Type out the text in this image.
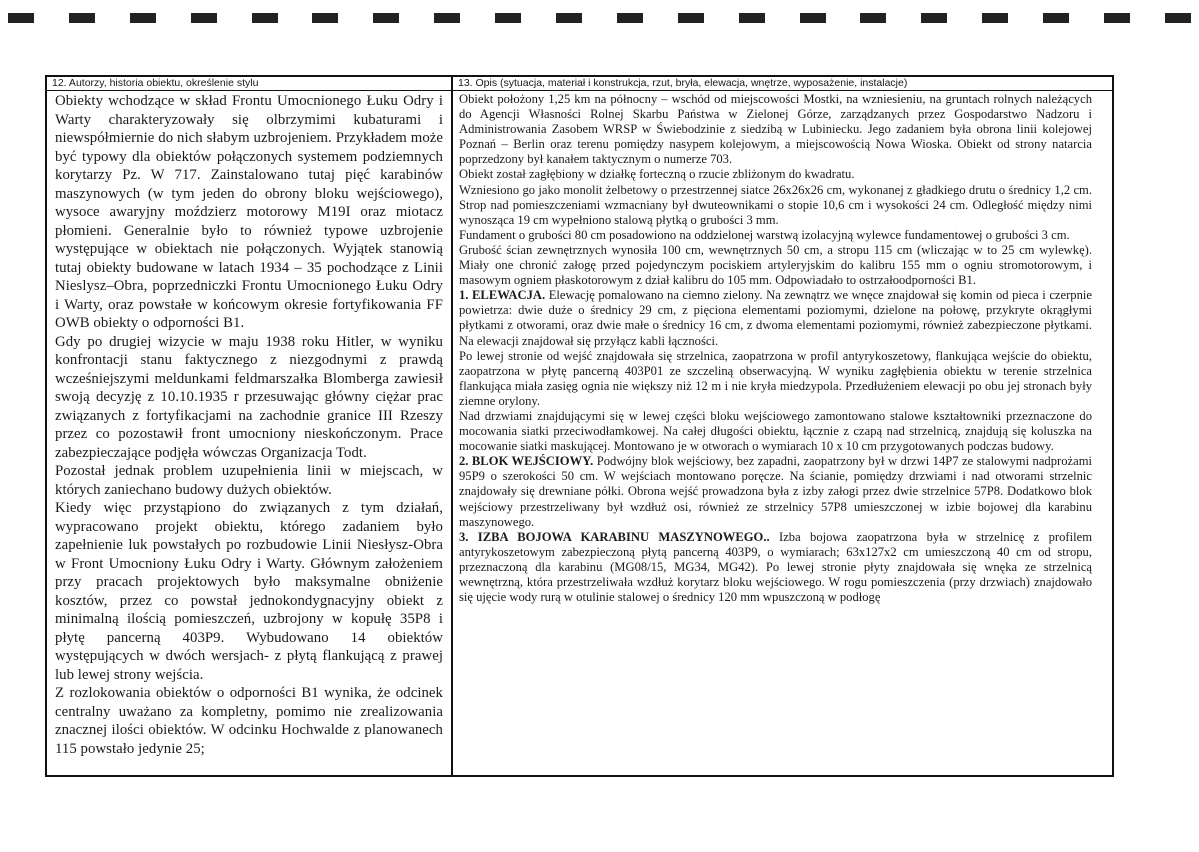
12. Autorzy, historia obiektu, określenie stylu

Obiekty wchodzące w skład Frontu Umocnionego Łuku Odry i Warty charakteryzowały się olbrzymimi kubaturami i niewspółmiernie do nich słabym uzbrojeniem. Przykładem może być typowy dla obiektów połączonych systemem podziemnych korytarzy Pz. W 717. Zainstalowano tutaj pięć karabinów maszynowych (w tym jeden do obrony bloku wejściowego), wysoce awaryjny moździerz motorowy M19I oraz miotacz płomieni. Generalnie było to również typowe uzbrojenie występujące w obiektach nie połączonych. Wyjątek stanowią tutaj obiekty budowane w latach 1934 – 35 pochodzące z Linii Nieslysz–Obra, poprzedniczki Frontu Umocnionego Łuku Odry i Warty, oraz powstałe w końcowym okresie fortyfikowania FF OWB obiekty o odporności B1.

Gdy po drugiej wizycie w maju 1938 roku Hitler, w wyniku konfrontacji stanu faktycznego z niezgodnymi z prawdą wcześniejszymi meldunkami feldmarszałka Blomberga zawiesił swoją decyzję z 10.10.1935 r przesuwając główny ciężar prac związanych z fortyfikacjami na zachodnie granice III Rzeszy przez co pozostawił front umocniony nieskończonym. Prace zabezpieczające podjęła wówczas Organizacja Todt.

Pozostał jednak problem uzupełnienia linii w miejscach, w których zaniechano budowy dużych obiektów.

Kiedy więc przystąpiono do związanych z tym działań, wypracowano projekt obiektu, którego zadaniem było zapełnienie luk powstałych po rozbudowie Linii Niesłysz-Obra w Front Umocniony Łuku Odry i Warty. Głównym założeniem przy pracach projektowych było maksymalne obniżenie kosztów, przez co powstał jednokondygnacyjny obiekt z minimalną ilością pomieszczeń, uzbrojony w kopułę 35P8 i płytę pancerną 403P9. Wybudowano 14 obiektów występujących w dwóch wersjach- z płytą flankującą z prawej lub lewej strony wejścia.

Z rozlokowania obiektów o odporności B1 wynika, że odcinek centralny uważano za kompletny, pomimo nie zrealizowania znacznej ilości obiektów. W odcinku Hochwalde z planowanech 115 powstało jedynie 25;

13. Opis (sytuacja, materiał i konstrukcja, rzut, bryła, elewacja, wnętrze, wyposażenie, instalacje)

Obiekt położony 1,25 km na północny – wschód od miejscowości Mostki, na wzniesieniu, na gruntach rolnych należących do Agencji Własności Rolnej Skarbu Państwa w Zielonej Górze, zarządzanych przez Gospodarstwo Nadzoru i Administrowania Zasobem WRSP w Świebodzinie z siedzibą w Lubiniecku. Jego zadaniem była obrona linii kolejowej Poznań – Berlin oraz terenu pomiędzy nasypem kolejowym, a miejscowością Nowa Wioska. Obiekt od strony natarcia poprzedzony był kanałem taktycznym o numerze 703.

Obiekt został zagłębiony w działkę forteczną o rzucie zbliżonym do kwadratu.

Wzniesiono go jako monolit żelbetowy o przestrzennej siatce 26x26x26 cm, wykonanej z gładkiego drutu o średnicy 1,2 cm. Strop nad pomieszczeniami wzmacniany był dwuteownikami o stopie 10,6 cm i wysokości 24 cm. Odległość między nimi wynosząca 19 cm wypełniono stalową płytką o grubości 3 mm.

Fundament o grubości 80 cm posadowiono na oddzielonej warstwą izolacyjną wylewce fundamentowej o grubości 3 cm.

Grubość ścian zewnętrznych wynosiła 100 cm, wewnętrznych 50 cm, a stropu 115 cm (wliczając w to 25 cm wylewkę). Miały one chronić załogę przed pojedynczym pociskiem artyleryjskim do kalibru 155 mm o ogniu stromotorowym, i masowym ogniem płaskotorowym z dział kalibru do 105 mm. Odpowiadało to ostrzałoodporności B1.

1. ELEWACJA. Elewację pomalowano na ciemno zielony. Na zewnątrz we wnęce znajdował się komin od pieca i czerpnie powietrza: dwie duże o średnicy 29 cm, z pięciona elementami poziomymi, dzielone na połowę, przykryte okrągłymi płytkami z otworami, oraz dwie małe o średnicy 16 cm, z dwoma elementami poziomymi, również zabezpieczone płytkami. Na elewacji znajdował się przyłącz kabli łączności.

Po lewej stronie od wejść znajdowała się strzelnica, zaopatrzona w profil antyrykoszetowy, flankująca wejście do obiektu, zaopatrzona w płytę pancerną 403P01 ze szczeliną obserwacyjną. W wyniku zagłębienia obiektu w terenie strzelnica flankująca miała zasięg ognia nie większy niż 12 m i nie kryła miedzypola. Przedłużeniem elewacji po obu jej stronach były ziemne orylony.

Nad drzwiami znajdującymi się w lewej części bloku wejściowego zamontowano stalowe kształtowniki przeznaczone do mocowania siatki przeciwodłamkowej. Na całej długości obiektu, łącznie z czapą nad strzelnicą, znajdują się koluszka na mocowanie siatki maskującej. Montowano je w otworach o wymiarach 10 x 10 cm przygotowanych podczas budowy.

2. BLOK WEJŚCIOWY. Podwójny blok wejściowy, bez zapadni, zaopatrzony był w drzwi 14P7 ze stalowymi nadprożami 95P9 o szerokości 50 cm. W wejściach montowano poręcze. Na ścianie, pomiędzy drzwiami i nad otworami strzelnic znajdowały się drewniane półki. Obrona wejść prowadzona była z izby załogi przez dwie strzelnice 57P8. Dodatkowo blok wejściowy przestrzeliwany był wzdłuż osi, również ze strzelnicy 57P8 umieszczonej w izbie bojowej dla karabinu maszynowego.

3. IZBA BOJOWA KARABINU MASZYNOWEGO.. Izba bojowa zaopatrzona była w strzelnicę z profilem antyrykoszetowym zabezpieczoną płytą pancerną 403P9, o wymiarach; 63x127x2 cm umieszczoną 40 cm od stropu, przeznaczoną dla karabinu (MG08/15, MG34, MG42). Po lewej stronie płyty znajdowała się wnęka ze strzelnicą wewnętrzną, która przestrzeliwała wzdłuż korytarz bloku wejściowego. W rogu pomieszczenia (przy drzwiach) znajdowało się ujęcie wody rurą w otulinie stalowej o średnicy 120 mm wpuszczoną w podłogę
